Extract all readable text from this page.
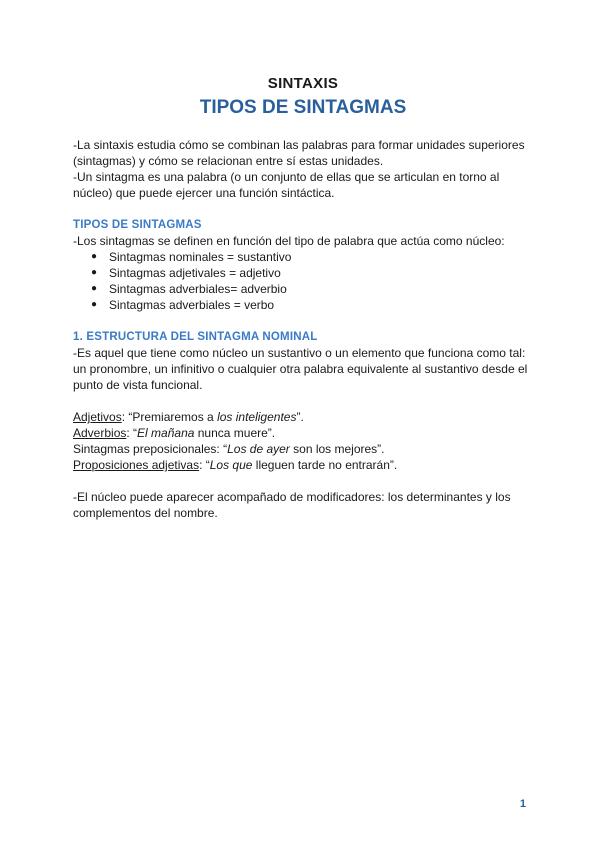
SINTAXIS
TIPOS DE SINTAGMAS

-La sintaxis estudia cómo se combinan las palabras para formar unidades superiores (sintagmas) y cómo se relacionan entre sí estas unidades.

-Un sintagma es una palabra (o un conjunto de ellas que se articulan en torno al núcleo) que puede ejercer una función sintáctica.

TIPOS DE SINTAGMAS

-Los sintagmas se definen en función del tipo de palabra que actúa como núcleo:

● Sintagmas nominales = sustantivo
● Sintagmas adjetivales = adjetivo
● Sintagmas adverbiales= adverbio
● Sintagmas adverbiales = verbo
1. ESTRUCTURA DEL SINTAGMA NOMINAL

-Es aquel que tiene como núcleo un sustantivo o un elemento que funciona como tal: un pronombre, un infinitivo o cualquier otra palabra equivalente al sustantivo desde el punto de vista funcional.

Adjetivos: “Premiaremos a los inteligentes”.
Adverbios: “El mañana nunca muere”.
Sintagmas preposicionales: “Los de ayer son los mejores”.
Proposiciones adjetivas: “Los que lleguen tarde no entrarán”.

-El núcleo puede aparecer acompañado de modificadores: los determinantes y los complementos del nombre.

1
